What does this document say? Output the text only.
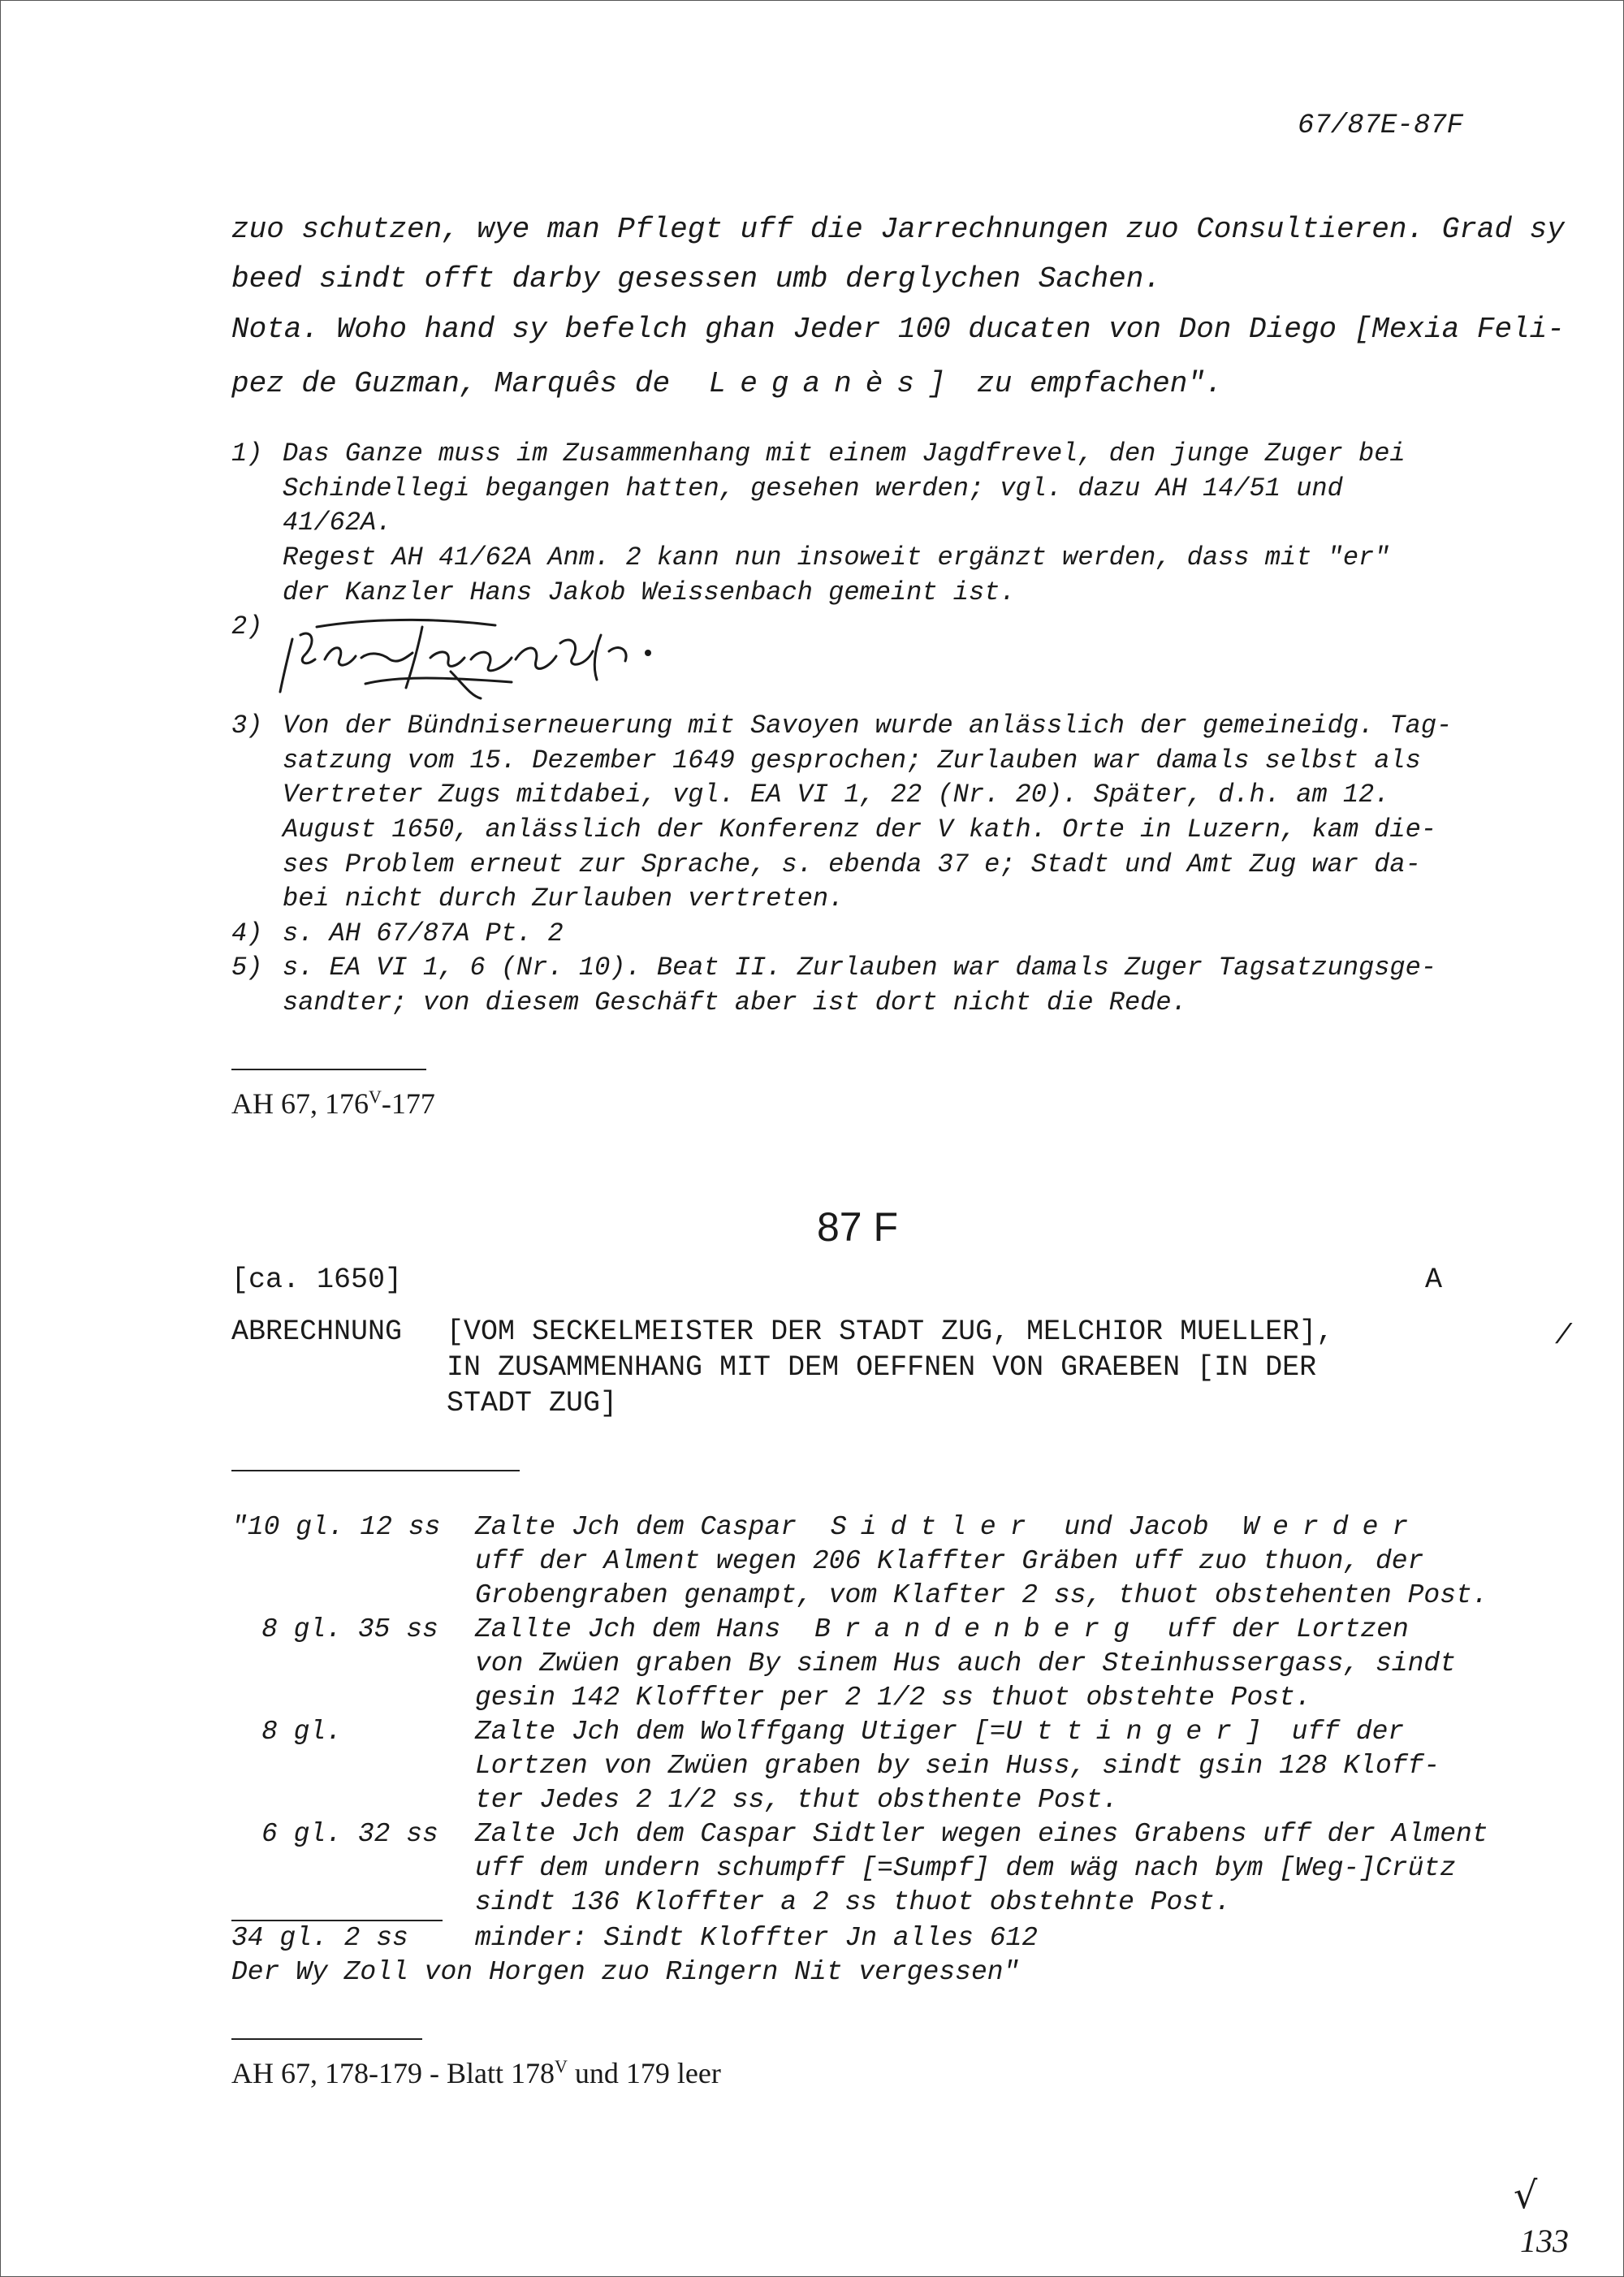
67/87E-87F
zuo schutzen, wye man Pflegt uff die Jarrechnungen zuo Consultieren. Grad sy
beed sindt offt darby gesessen umb derglychen Sachen.
Nota. Woho hand sy befelch ghan Jeder 100 ducaten von Don Diego [Mexia Feli-
pez de Guzman, Marquês de Leganès] zu empfachen".
1) Das Ganze muss im Zusammenhang mit einem Jagdfrevel, den junge Zuger bei
Schindellegi begangen hatten, gesehen werden; vgl. dazu AH 14/51 und
41/62A.
Regest AH 41/62A Anm. 2 kann nun insoweit ergänzt werden, dass mit "er"
der Kanzler Hans Jakob Weissenbach gemeint ist.
2)
3) Von der Bündniserneuerung mit Savoyen wurde anlässlich der gemeineidg. Tag-
satzung vom 15. Dezember 1649 gesprochen; Zurlauben war damals selbst als
Vertreter Zugs mitdabei, vgl. EA VI 1, 22 (Nr. 20). Später, d.h. am 12.
August 1650, anlässlich der Konferenz der V kath. Orte in Luzern, kam die-
ses Problem erneut zur Sprache, s. ebenda 37 e; Stadt und Amt Zug war da-
bei nicht durch Zurlauben vertreten.
4) s. AH 67/87A Pt. 2
5) s. EA VI 1, 6 (Nr. 10). Beat II. Zurlauben war damals Zuger Tagsatzungsge-
sandter; von diesem Geschäft aber ist dort nicht die Rede.
AH 67, $176^V-177$
87 F
[ca. 1650]	A
ABRECHNUNG [VOM SECKELMEISTER DER STADT ZUG, MELCHIOR MUELLER],
IN ZUSAMMENHANG MIT DEM OEFFNEN VON GRAEBEN [IN DER
STADT ZUG]
/
"10 gl. 12 ss Zalte Jch dem Caspar Sidtler und Jacob Werder
uff der Alment wegen 206 Klaffter Gräben uff zuo thuon, der
Grobengraben genampt, vom Klafter 2 ss, thuot obstehenten Post.
8 gl. 35 ss Zallte Jch dem Hans Brandenberg uff der Lortzen
von Zwüen graben By sinem Hus auch der Steinhussergass, sindt
gesin 142 Kloffter per 2 1/2 ss thuot obstehte Post.
8 gl.	Zalte Jch dem Wolffgang Utiger [=U ttinger] uff der
Lortzen von Zwüen graben by sein Huss, sindt gsin 128 Kloff-
ter Jedes 2 1/2 ss, thut obsthente Post.
6 gl. 32 ss Zalte Jch dem Caspar Sidtler wegen eines Grabens uff der Alment
uff dem undern schumpff [=Sumpf] dem wäg nach bym [Weg-]Crütz
sindt 136 Kloffter a 2 ss thuot obstehnte Post.
34 gl. 2 ss minder: Sindt Kloffter Jn alles 612
Der Wy Zoll von Horgen zuo Ringern Nit vergessen"
AH 67, 178-179 - Blatt $178^V$ und 179 leer
√
133
